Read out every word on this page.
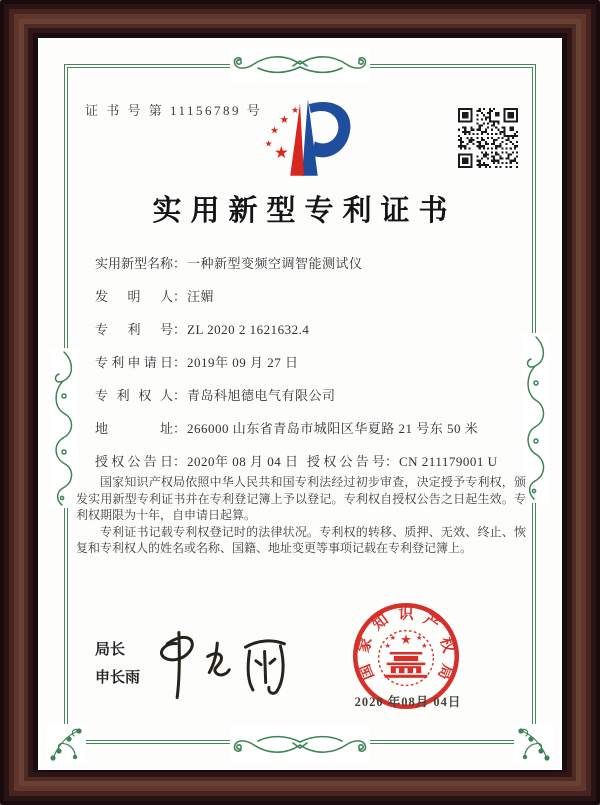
证 书 号 第 11156789 号
★
★
★
★
★
实用新型专利证书
实用新型名称：一种新型变频空调智能测试仪
发明人：汪媚
专利号：ZL 2020 2 1621632.4
专利申请日：2019年 09 月 27 日
专利权人：青岛科旭德电气有限公司
地址：266000 山东省青岛市城阳区华夏路 21 号东 50 米
授权公告日：2020年 08 月 04 日 授权公告号：CN 211179001 U

国家知识产权局依照中华人民共和国专利法经过初步审查，决定授予专利权，颁发实用新型专利证书并在专利登记簿上予以登记。专利权自授权公告之日起生效。专利权期限为十年，自申请日起算。

专利证书记载专利权登记时的法律状况。专利权的转移、质押、无效、终止、恢复和专利权人的姓名或名称、国籍、地址变更等事项记载在专利登记簿上。

局长
申长雨	国
家
知 识 产
权
局
★
★	★
★	★
2020 年08月 04日
